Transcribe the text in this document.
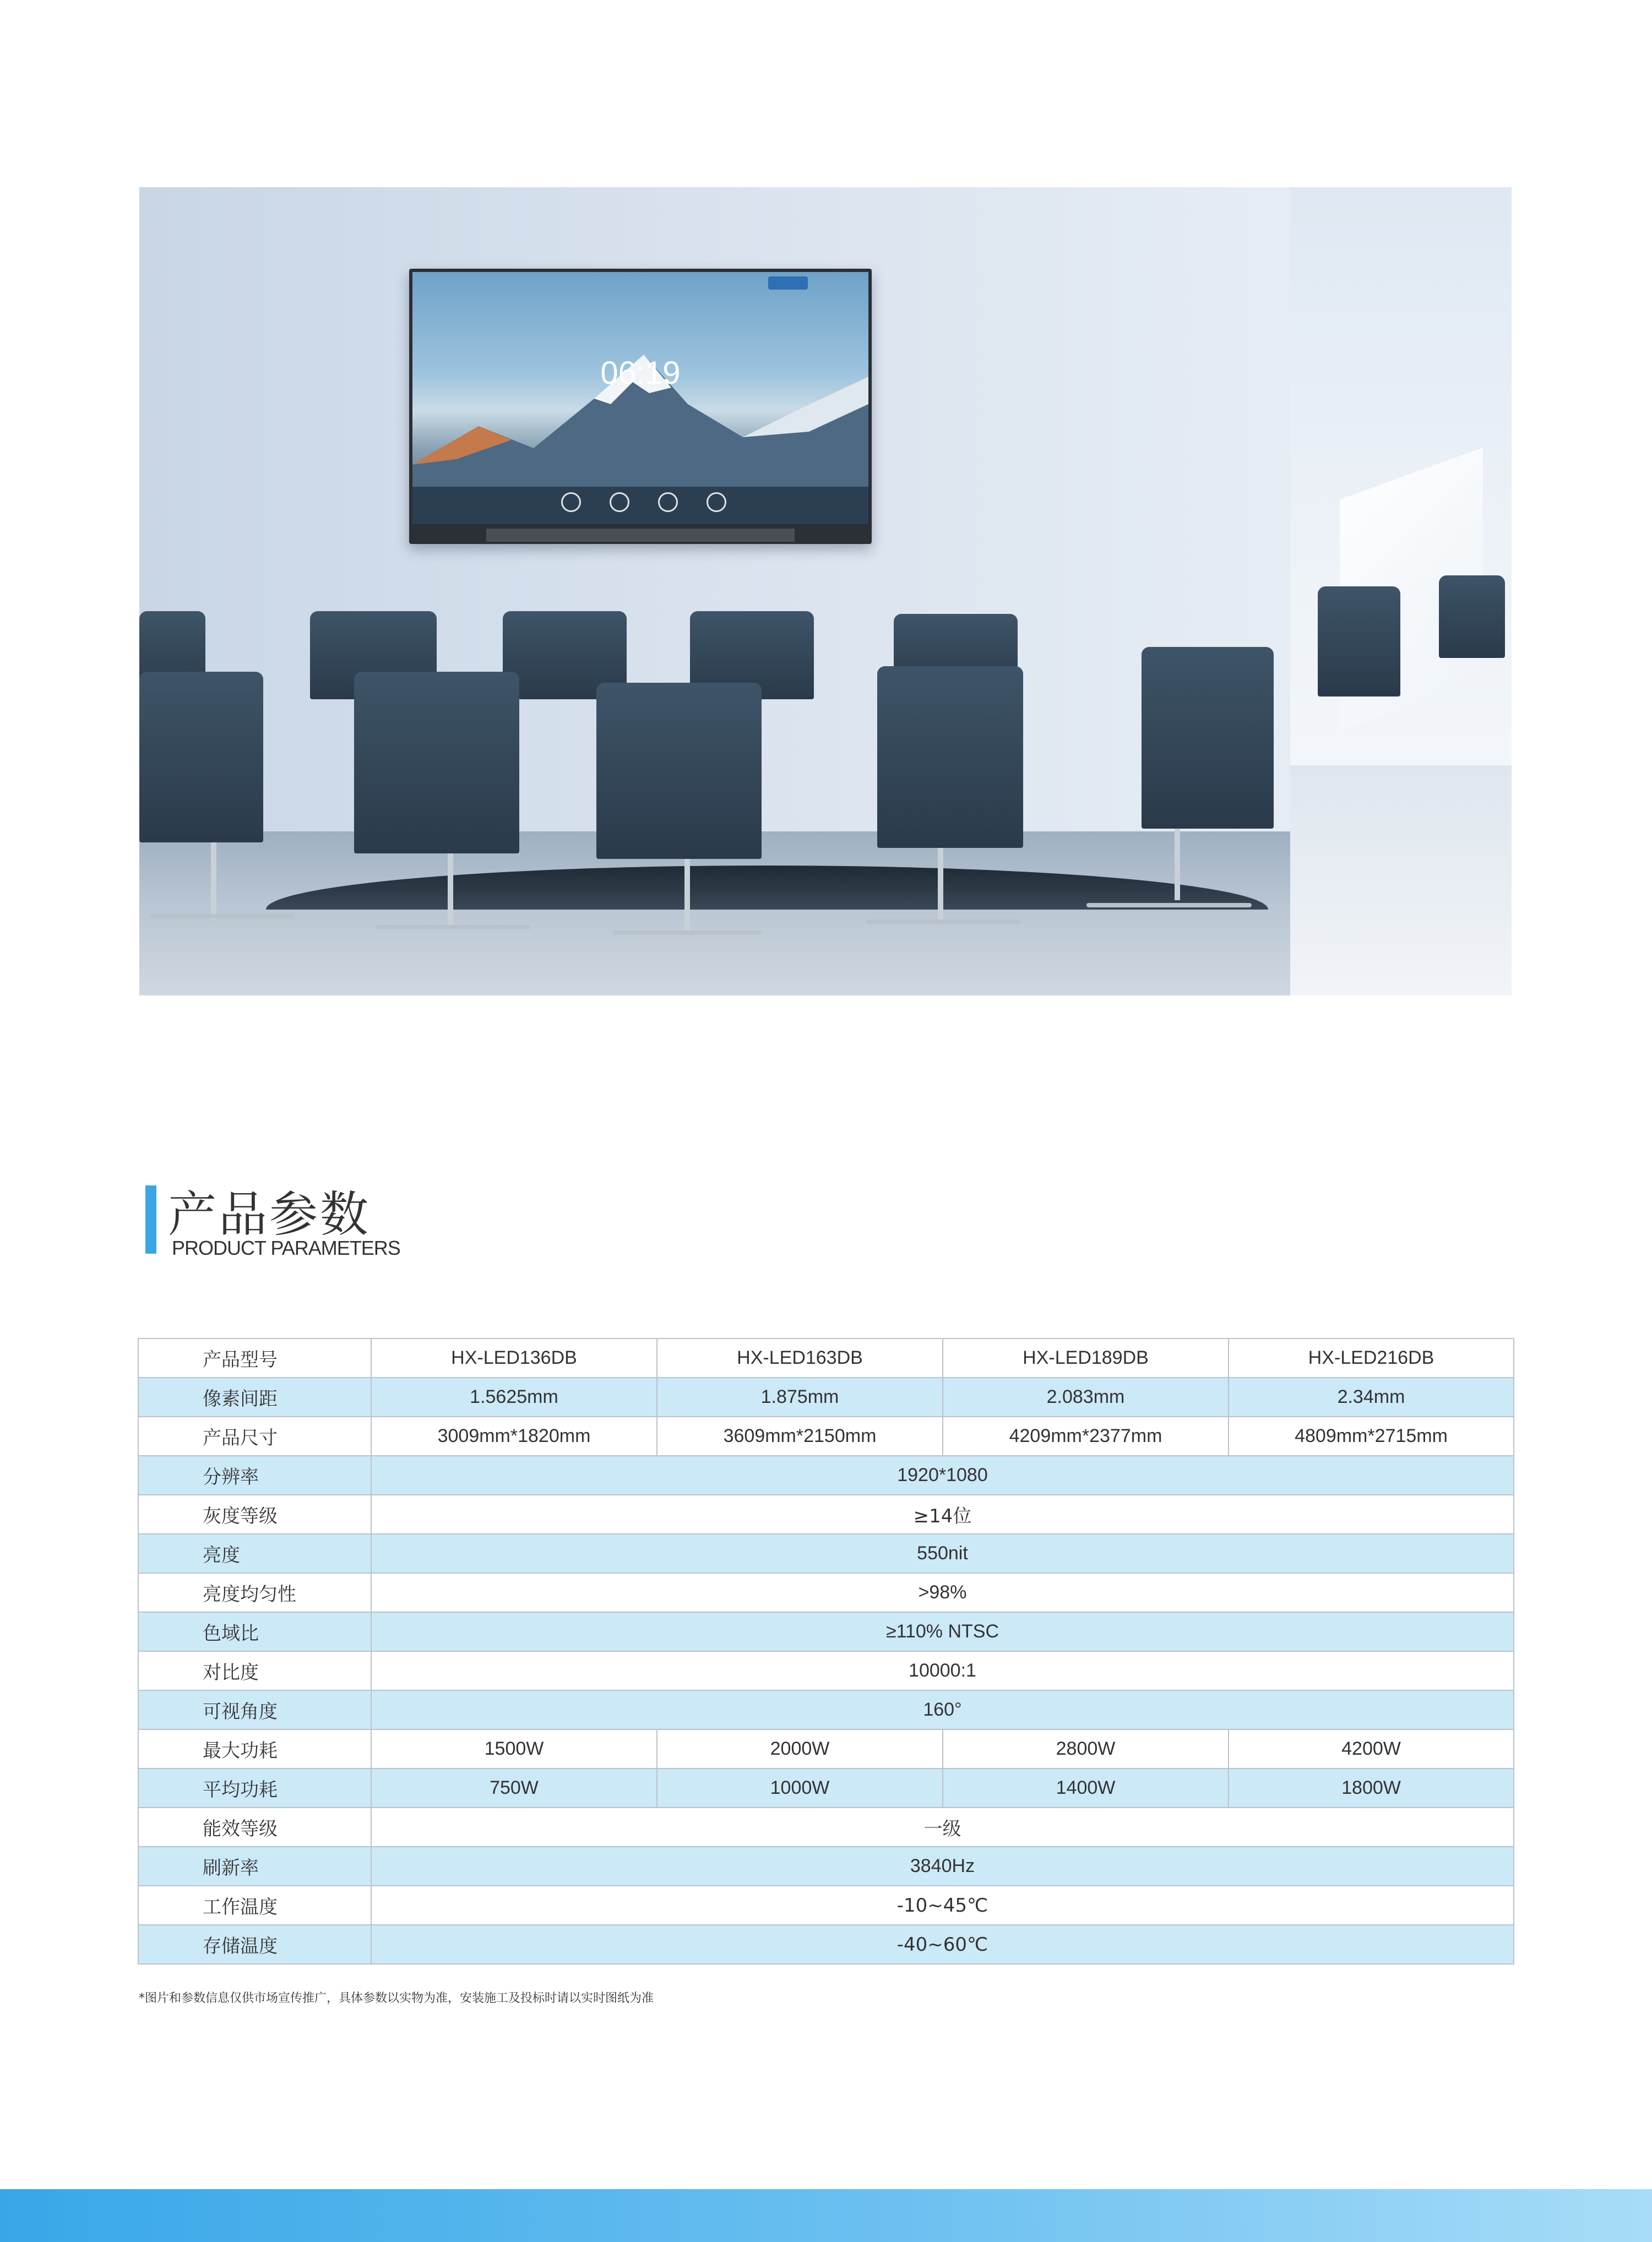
06:19
产品参数
PRODUCT PARAMETERS
产品型号	HX-LED136DB	HX-LED163DB	HX-LED189DB	HX-LED216DB
像素间距	1.5625mm	1.875mm	2.083mm	2.34mm
产品尺寸	3009mm*1820mm	3609mm*2150mm	4209mm*2377mm	4809mm*2715mm
分辨率	1920*1080			
灰度等级	≥14位			
亮度	550nit			
亮度均匀性	>98%			
色域比	≥110% NTSC			
对比度	10000:1			
可视角度	160°			
最大功耗	1500W	2000W	2800W	4200W
平均功耗	750W	1000W	1400W	1800W
能效等级	一级			
刷新率	3840Hz			
工作温度	-10~45℃			
存储温度	-40~60℃			
*图片和参数信息仅供市场宣传推广，具体参数以实物为准，安装施工及投标时请以实时图纸为准
